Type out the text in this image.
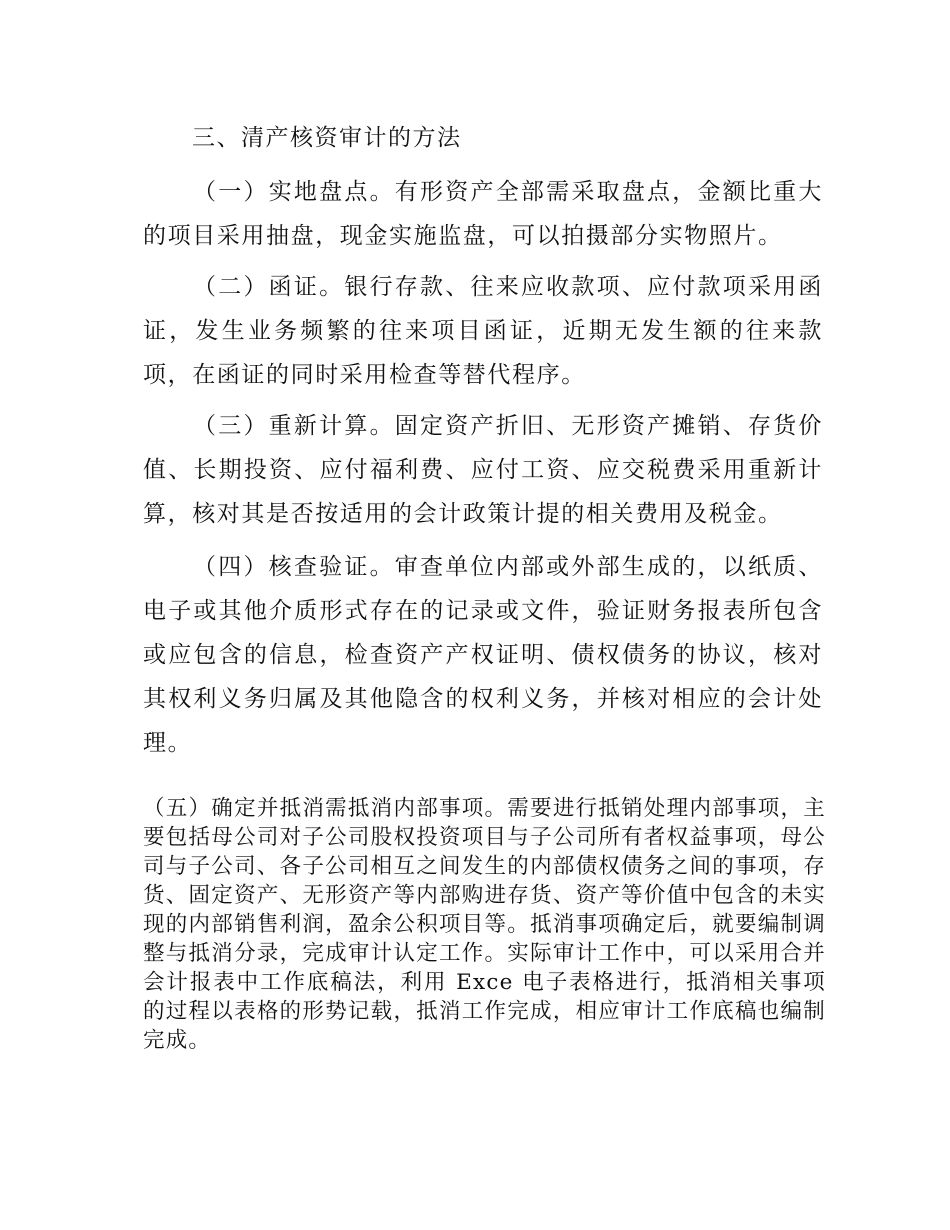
三、清产核资审计的方法

（一）实地盘点。有形资产全部需采取盘点，金额比重大的项目采用抽盘，现金实施监盘，可以拍摄部分实物照片。

（二）函证。银行存款、往来应收款项、应付款项采用函证，发生业务频繁的往来项目函证，近期无发生额的往来款项，在函证的同时采用检查等替代程序。

（三）重新计算。固定资产折旧、无形资产摊销、存货价值、长期投资、应付福利费、应付工资、应交税费采用重新计算，核对其是否按适用的会计政策计提的相关费用及税金。

（四）核查验证。审查单位内部或外部生成的，以纸质、电子或其他介质形式存在的记录或文件，验证财务报表所包含或应包含的信息，检查资产产权证明、债权债务的协议，核对其权利义务归属及其他隐含的权利义务，并核对相应的会计处理。

（五）确定并抵消需抵消内部事项。需要进行抵销处理内部事项，主要包括母公司对子公司股权投资项目与子公司所有者权益事项，母公司与子公司、各子公司相互之间发生的内部债权债务之间的事项，存货、固定资产、无形资产等内部购进存货、资产等价值中包含的未实现的内部销售利润，盈余公积项目等。抵消事项确定后，就要编制调整与抵消分录，完成审计认定工作。实际审计工作中，可以采用合并会计报表中工作底稿法，利用 Exce 电子表格进行，抵消相关事项的过程以表格的形势记载，抵消工作完成，相应审计工作底稿也编制完成。
